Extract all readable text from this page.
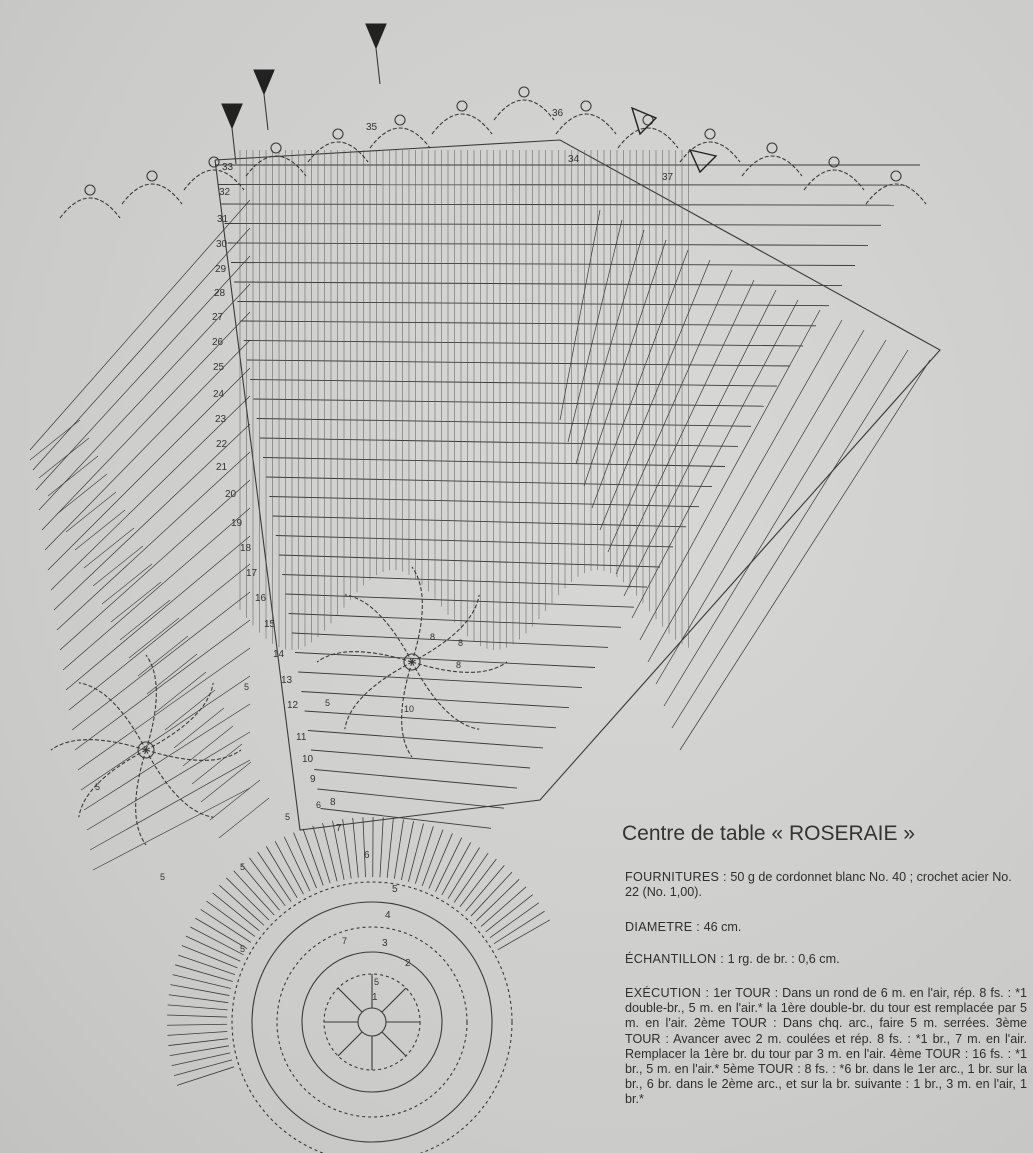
1
2
3
4
5
6
7
8
9
10
11
12
13
14
15
16
17
18
19
20
21
22
23
24
25
26
27
28
29
30
31
32
33
34
35
36
37
5
7
5
8
10
5
5
5
5
5
5
6
8
8
Centre de table « ROSERAIE »
FOURNITURES : 50 g de cordonnet blanc No. 40 ; crochet acier No. 22 (No. 1,00).
DIAMETRE : 46 cm.
ÉCHANTILLON : 1 rg. de br. : 0,6 cm.
EXÉCUTION : 1er TOUR : Dans un rond de 6 m. en l'air, rép. 8 fs. : *1 double-br., 5 m. en l'air.* la 1ère double-br. du tour est remplacée par 5 m. en l'air. 2ème TOUR : Dans chq. arc., faire 5 m. serrées. 3ème TOUR : Avancer avec 2 m. coulées et rép. 8 fs. : *1 br., 7 m. en l'air. Remplacer la 1ère br. du tour par 3 m. en l'air. 4ème TOUR : 16 fs. : *1 br., 5 m. en l'air.* 5ème TOUR : 8 fs. : *6 br. dans le 1er arc., 1 br. sur la br., 6 br. dans le 2ème arc., et sur la br. suivante : 1 br., 3 m. en l'air, 1 br.*
